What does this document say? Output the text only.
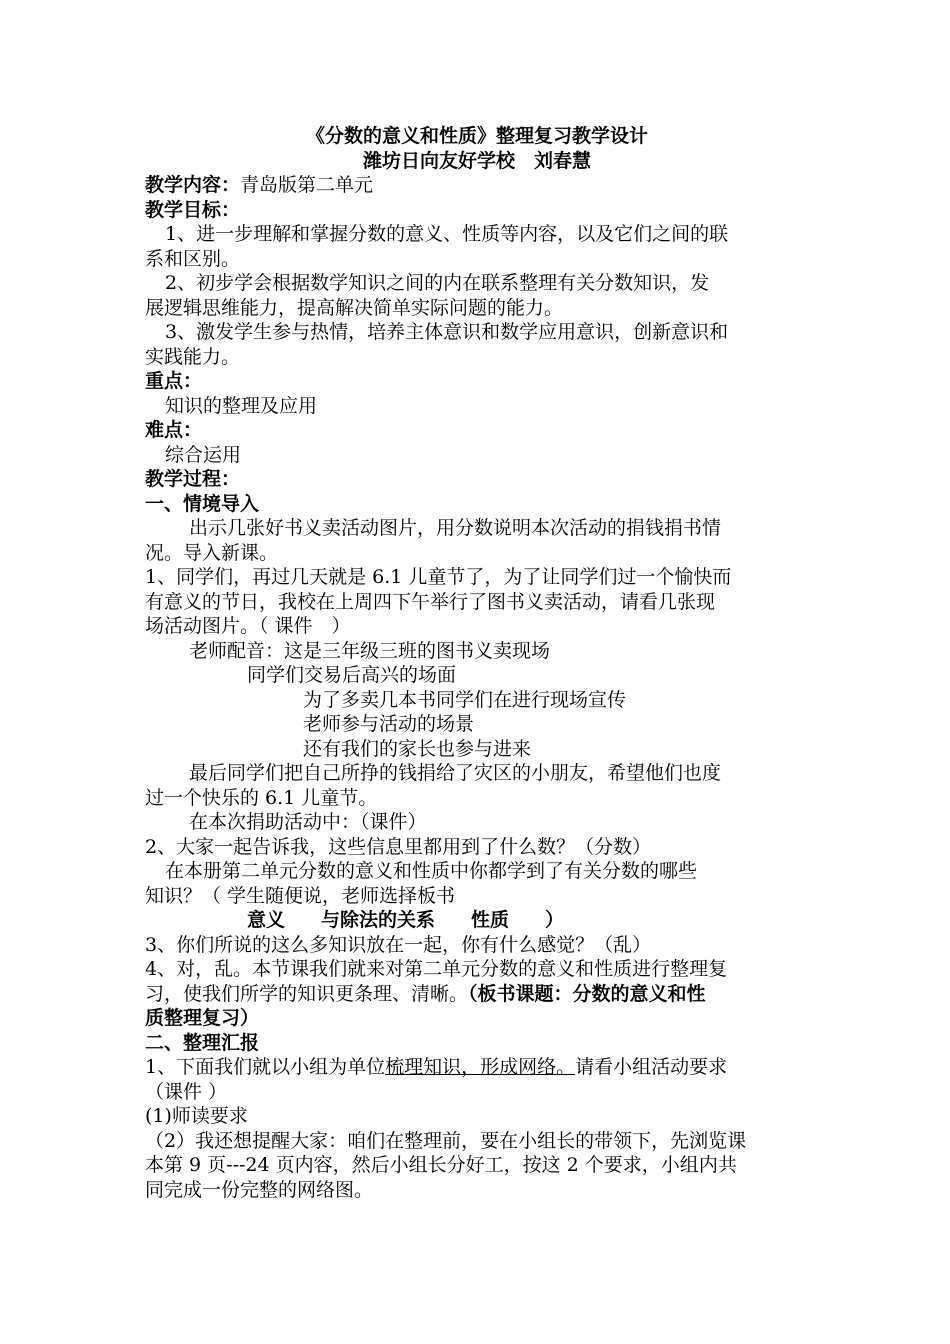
《分数的意义和性质》整理复习教学设计
潍坊日向友好学校　刘春慧
教学内容：青岛版第二单元
教学目标：
1、进一步理解和掌握分数的意义、性质等内容，以及它们之间的联
系和区别。
2、初步学会根据数学知识之间的内在联系整理有关分数知识，发
展逻辑思维能力，提高解决简单实际问题的能力。
3、激发学生参与热情，培养主体意识和数学应用意识，创新意识和
实践能力。
重点：
知识的整理及应用
难点：
综合运用
教学过程：
一、情境导入
出示几张好书义卖活动图片，用分数说明本次活动的捐钱捐书情
况。导入新课。
1、同学们，再过几天就是 6.1 儿童节了，为了让同学们过一个愉快而
有意义的节日，我校在上周四下午举行了图书义卖活动，请看几张现
场活动图片。（ 课件　）
老师配音：这是三年级三班的图书义卖现场
同学们交易后高兴的场面
为了多卖几本书同学们在进行现场宣传
老师参与活动的场景
还有我们的家长也参与进来
最后同学们把自己所挣的钱捐给了灾区的小朋友，希望他们也度
过一个快乐的 6.1 儿童节。
在本次捐助活动中：（课件）
2、大家一起告诉我，这些信息里都用到了什么数？（分数）
在本册第二单元分数的意义和性质中你都学到了有关分数的哪些
知识？（ 学生随便说，老师选择板书
意义 与除法的关系 性质 ）
3、你们所说的这么多知识放在一起，你有什么感觉？（乱）
4、对，乱。本节课我们就来对第二单元分数的意义和性质进行整理复
习，使我们所学的知识更条理、清晰。（板书课题：分数的意义和性
质整理复习）
二、整理汇报
1、下面我们就以小组为单位梳理知识，形成网络。请看小组活动要求
（课件 ）
(1)师读要求
（2）我还想提醒大家：咱们在整理前，要在小组长的带领下，先浏览课
本第 9 页---24 页内容，然后小组长分好工，按这 2 个要求，小组内共
同完成一份完整的网络图。
